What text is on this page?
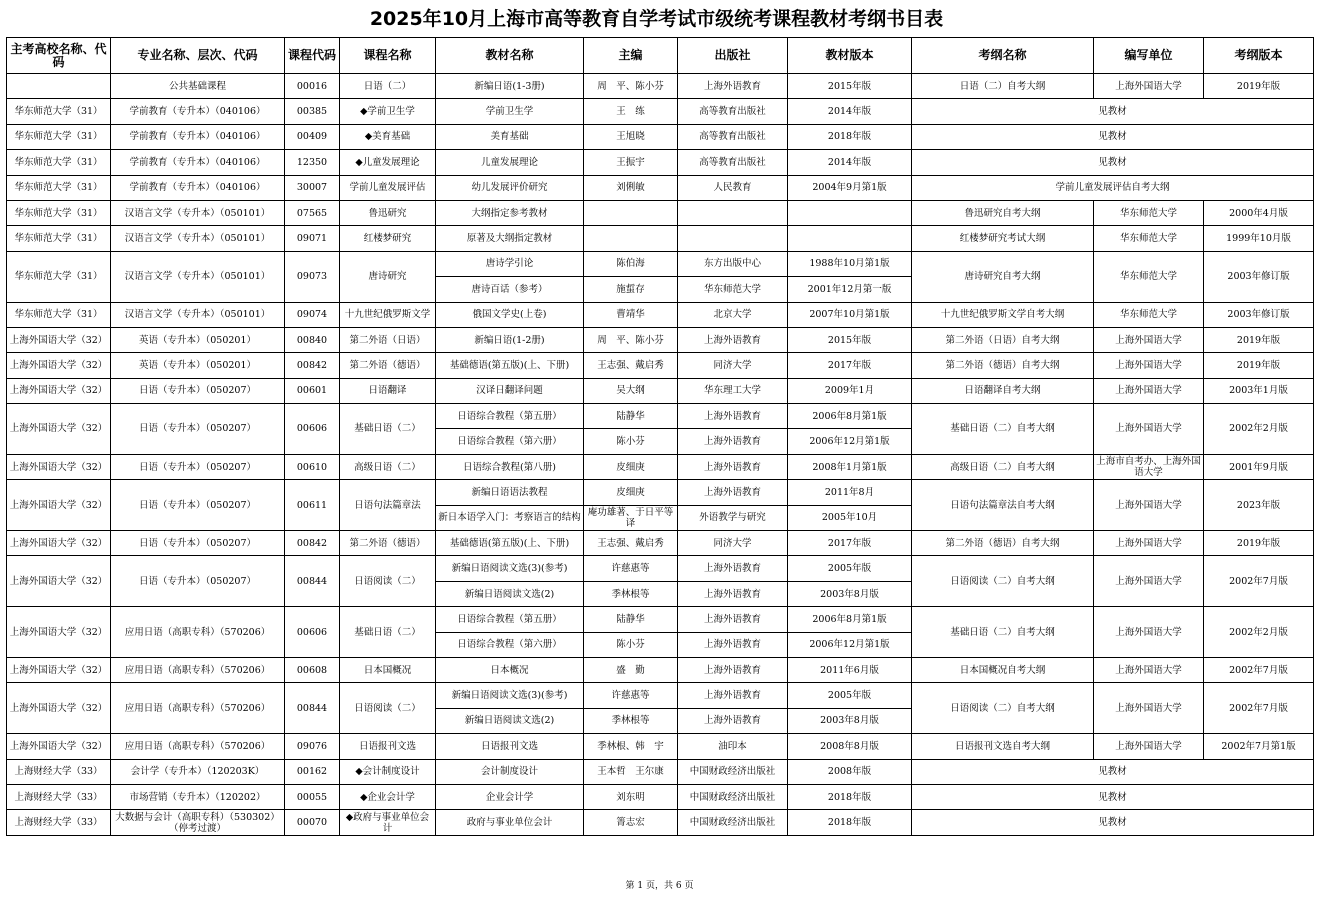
2025年10月上海市高等教育自学考试市级统考课程教材考纲书目表
主考高校名称、代码	专业名称、层次、代码	课程代码	课程名称	教材名称	主编	出版社	教材版本	考纲名称	编写单位	考纲版本
	公共基础课程	00016	日语（二）	新编日语(1-3册)	周　平、陈小芬	上海外语教育	2015年版	日语（二）自考大纲	上海外国语大学	2019年版
华东师范大学（31）	学前教育（专升本）（040106）	00385	◆学前卫生学	学前卫生学	王　练	高等教育出版社	2014年版	见教材		
华东师范大学（31）	学前教育（专升本）（040106）	00409	◆美育基础	美育基础	王旭晓	高等教育出版社	2018年版	见教材		
华东师范大学（31）	学前教育（专升本）（040106）	12350	◆儿童发展理论	儿童发展理论	王振宇	高等教育出版社	2014年版	见教材		
华东师范大学（31）	学前教育（专升本）（040106）	30007	学前儿童发展评估	幼儿发展评价研究	刘俐敏	人民教育	2004年9月第1版	学前儿童发展评估自考大纲		
华东师范大学（31）	汉语言文学（专升本）（050101）	07565	鲁迅研究	大纲指定参考教材				鲁迅研究自考大纲	华东师范大学	2000年4月版
华东师范大学（31）	汉语言文学（专升本）（050101）	09071	红楼梦研究	原著及大纲指定教材				红楼梦研究考试大纲	华东师范大学	1999年10月版
华东师范大学（31）	汉语言文学（专升本）（050101）	09073	唐诗研究	唐诗学引论	陈伯海	东方出版中心	1988年10月第1版	唐诗研究自考大纲	华东师范大学	2003年修订版
				唐诗百话（参考）	施蜇存	华东师范大学	2001年12月第一版			
华东师范大学（31）	汉语言文学（专升本）（050101）	09074	十九世纪俄罗斯文学	俄国文学史(上卷)	曹靖华	北京大学	2007年10月第1版	十九世纪俄罗斯文学自考大纲	华东师范大学	2003年修订版
上海外国语大学（32）	英语（专升本）（050201）	00840	第二外语（日语）	新编日语(1-2册)	周　平、陈小芬	上海外语教育	2015年版	第二外语（日语）自考大纲	上海外国语大学	2019年版
上海外国语大学（32）	英语（专升本）（050201）	00842	第二外语（德语）	基础德语(第五版)(上、下册)	王志强、戴启秀	同济大学	2017年版	第二外语（德语）自考大纲	上海外国语大学	2019年版
上海外国语大学（32）	日语（专升本）（050207）	00601	日语翻译	汉译日翻译问题	吴大纲	华东理工大学	2009年1月	日语翻译自考大纲	上海外国语大学	2003年1月版
上海外国语大学（32）	日语（专升本）（050207）	00606	基础日语（二）	日语综合教程（第五册）	陆静华	上海外语教育	2006年8月第1版	基础日语（二）自考大纲	上海外国语大学	2002年2月版
				日语综合教程（第六册）	陈小芬	上海外语教育	2006年12月第1版			
上海外国语大学（32）	日语（专升本）（050207）	00610	高级日语（二）	日语综合教程(第八册)	皮细庚	上海外语教育	2008年1月第1版	高级日语（二）自考大纲	上海市自考办、上海外国语大学	2001年9月版
上海外国语大学（32）	日语（专升本）（050207）	00611	日语句法篇章法	新编日语语法教程	皮细庚	上海外语教育	2011年8月	日语句法篇章法自考大纲	上海外国语大学	2023年版
				新日本语学入门：考察语言的结构	庵功雄著、于日平等译	外语教学与研究	2005年10月			
上海外国语大学（32）	日语（专升本）（050207）	00842	第二外语（德语）	基础德语(第五版)(上、下册)	王志强、戴启秀	同济大学	2017年版	第二外语（德语）自考大纲	上海外国语大学	2019年版
上海外国语大学（32）	日语（专升本）（050207）	00844	日语阅读（二）	新编日语阅读文选(3)(参考)	许慈惠等	上海外语教育	2005年版	日语阅读（二）自考大纲	上海外国语大学	2002年7月版
				新编日语阅读文选(2)	季林根等	上海外语教育	2003年8月版			
上海外国语大学（32）	应用日语（高职专科）（570206）	00606	基础日语（二）	日语综合教程（第五册）	陆静华	上海外语教育	2006年8月第1版	基础日语（二）自考大纲	上海外国语大学	2002年2月版
				日语综合教程（第六册）	陈小芬	上海外语教育	2006年12月第1版			
上海外国语大学（32）	应用日语（高职专科）（570206）	00608	日本国概况	日本概况	盛　勤	上海外语教育	2011年6月版	日本国概况自考大纲	上海外国语大学	2002年7月版
上海外国语大学（32）	应用日语（高职专科）（570206）	00844	日语阅读（二）	新编日语阅读文选(3)(参考)	许慈惠等	上海外语教育	2005年版	日语阅读（二）自考大纲	上海外国语大学	2002年7月版
				新编日语阅读文选(2)	季林根等	上海外语教育	2003年8月版			
上海外国语大学（32）	应用日语（高职专科）（570206）	09076	日语报刊文选	日语报刊文选	季林根、韩　宇	油印本	2008年8月版	日语报刊文选自考大纲	上海外国语大学	2002年7月第1版
上海财经大学（33）	会计学（专升本）（120203K）	00162	◆会计制度设计	会计制度设计	王本哲　王尔康	中国财政经济出版社	2008年版	见教材		
上海财经大学（33）	市场营销（专升本）（120202）	00055	◆企业会计学	企业会计学	刘东明	中国财政经济出版社	2018年版	见教材		
上海财经大学（33）	大数据与会计（高职专科）（530302）（停考过渡）	00070	◆政府与事业单位会计	政府与事业单位会计	箐志宏	中国财政经济出版社	2018年版	见教材		
第 1 页，共 6 页
